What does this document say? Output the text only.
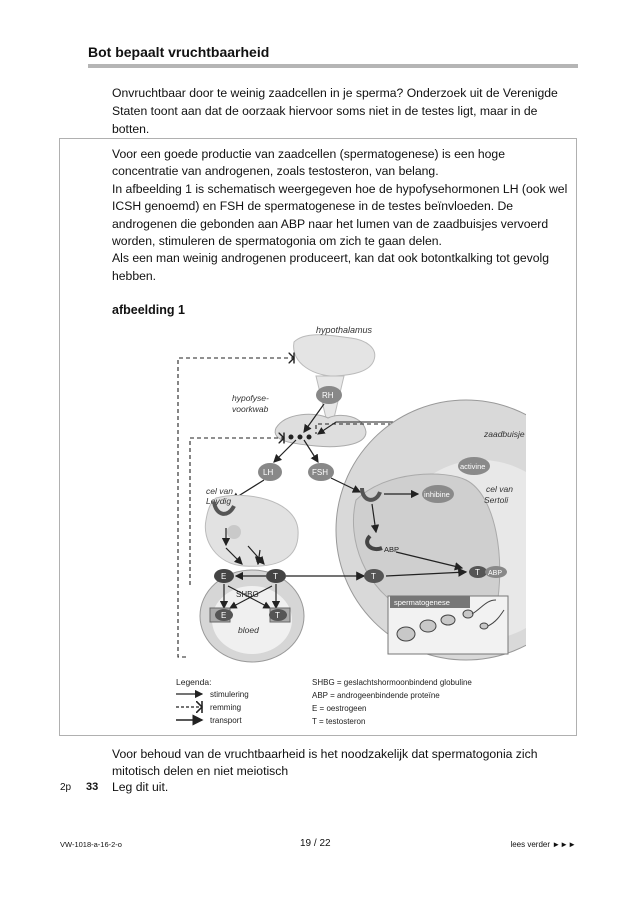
Bot bepaalt vruchtbaarheid
Onvruchtbaar door te weinig zaadcellen in je sperma? Onderzoek uit de Verenigde Staten toont aan dat de oorzaak hiervoor soms niet in de testes ligt, maar in de botten.

Voor een goede productie van zaadcellen (spermatogenese) is een hoge concentratie van androgenen, zoals testosteron, van belang.

In afbeelding 1 is schematisch weergegeven hoe de hypofysehormonen LH (ook wel ICSH genoemd) en FSH de spermatogenese in de testes beïnvloeden. De androgenen die gebonden aan ABP naar het lumen van de zaadbuisjes vervoerd worden, stimuleren de spermatogonia om zich te gaan delen.

Als een man weinig androgenen produceert, kan dat ook botontkalking tot gevolg hebben.

afbeelding 1
hypothalamus
hypofyse-
voorkwab
RH
zaadbuisje
activine
inhibine
cel van
Sertoli
LH	FSH
cel van
Leydig
E	T
SHBG
E	T
bloed
T
ABP
T ABP
spermatogenese
Legenda:
stimulering
remming
transport
SHBG = geslachtshormoonbindend globuline
ABP = androgeenbindende proteïne
E = oestrogeen
T = testosteron
Voor behoud van de vruchtbaarheid is het noodzakelijk dat spermatogonia zich mitotisch delen en niet meiotisch
2p 33 Leg dit uit.
VW-1018-a-16-2-o	19 / 22	lees verder ►►►
